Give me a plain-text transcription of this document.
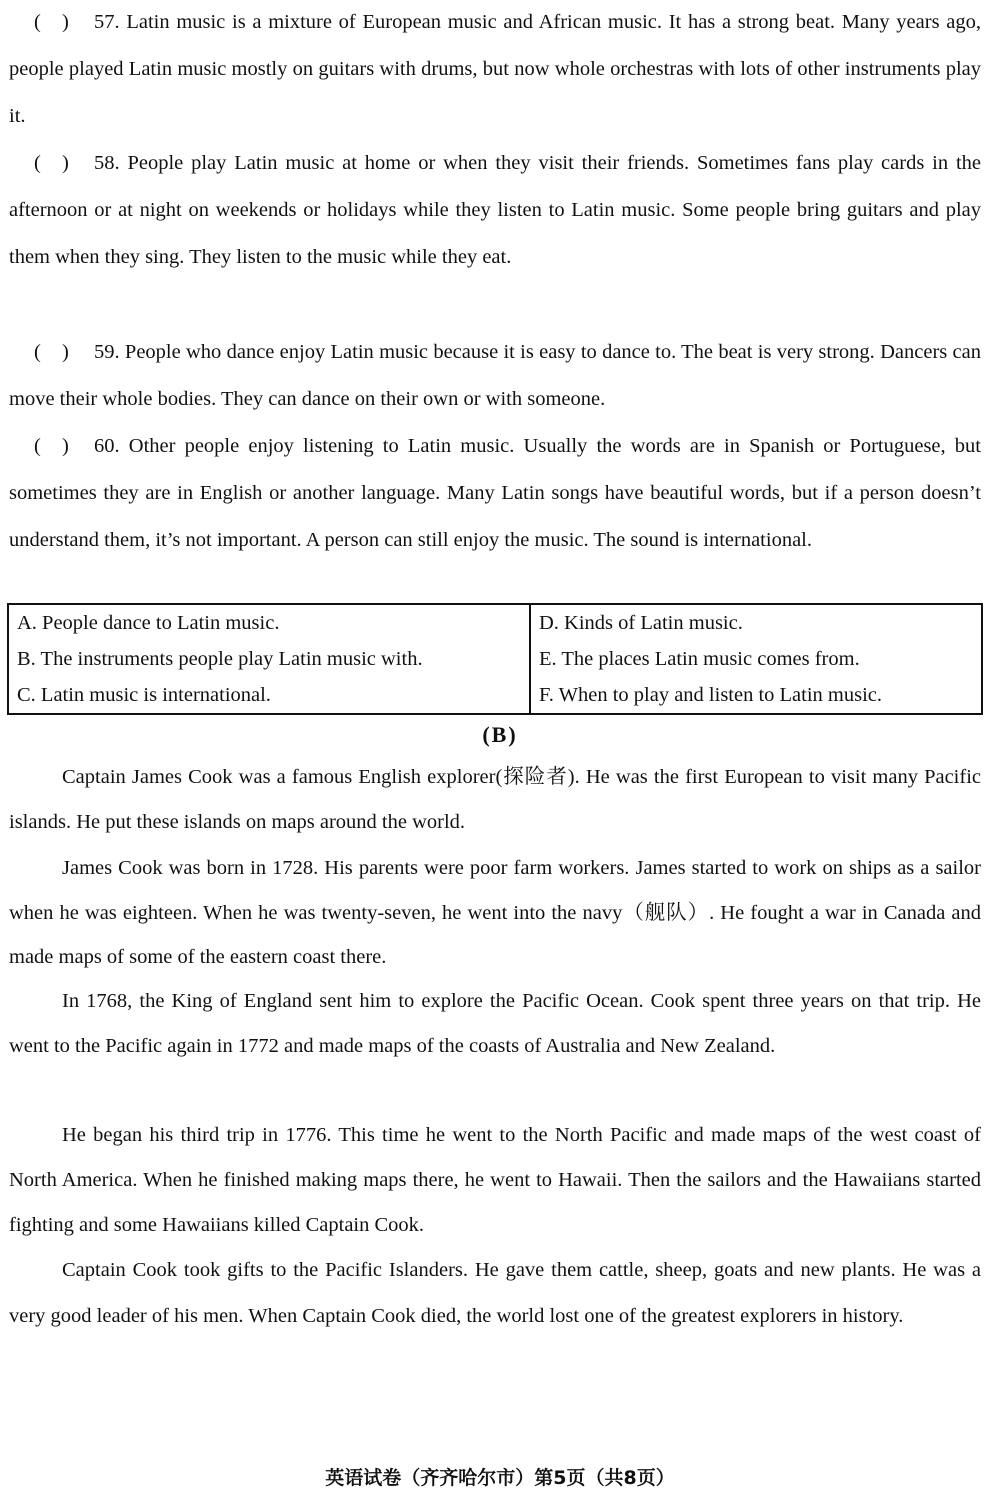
( ) 57. Latin music is a mixture of European music and African music. It has a strong beat. Many years ago, people played Latin music mostly on guitars with drums, but now whole orchestras with lots of other instruments play it.

( ) 58. People play Latin music at home or when they visit their friends. Sometimes fans play cards in the afternoon or at night on weekends or holidays while they listen to Latin music. Some people bring guitars and play them when they sing. They listen to the music while they eat.

( ) 59. People who dance enjoy Latin music because it is easy to dance to. The beat is very strong. Dancers can move their whole bodies. They can dance on their own or with someone.

( ) 60. Other people enjoy listening to Latin music. Usually the words are in Spanish or Portuguese, but sometimes they are in English or another language. Many Latin songs have beautiful words, but if a person doesn’t understand them, it’s not important. A person can still enjoy the music. The sound is international.

A. People dance to Latin music.	D. Kinds of Latin music.
B. The instruments people play Latin music with.	E. The places Latin music comes from.
C. Latin music is international.	F. When to play and listen to Latin music.
(B)

Captain James Cook was a famous English explorer(探险者). He was the first European to visit many Pacific islands. He put these islands on maps around the world.

James Cook was born in 1728. His parents were poor farm workers. James started to work on ships as a sailor when he was eighteen. When he was twenty-seven, he went into the navy（舰队）. He fought a war in Canada and made maps of some of the eastern coast there.

In 1768, the King of England sent him to explore the Pacific Ocean. Cook spent three years on that trip. He went to the Pacific again in 1772 and made maps of the coasts of Australia and New Zealand.

He began his third trip in 1776. This time he went to the North Pacific and made maps of the west coast of North America. When he finished making maps there, he went to Hawaii. Then the sailors and the Hawaiians started fighting and some Hawaiians killed Captain Cook.

Captain Cook took gifts to the Pacific Islanders. He gave them cattle, sheep, goats and new plants. He was a very good leader of his men. When Captain Cook died, the world lost one of the greatest explorers in history.

英语试卷（齐齐哈尔市）第5页（共8页）
